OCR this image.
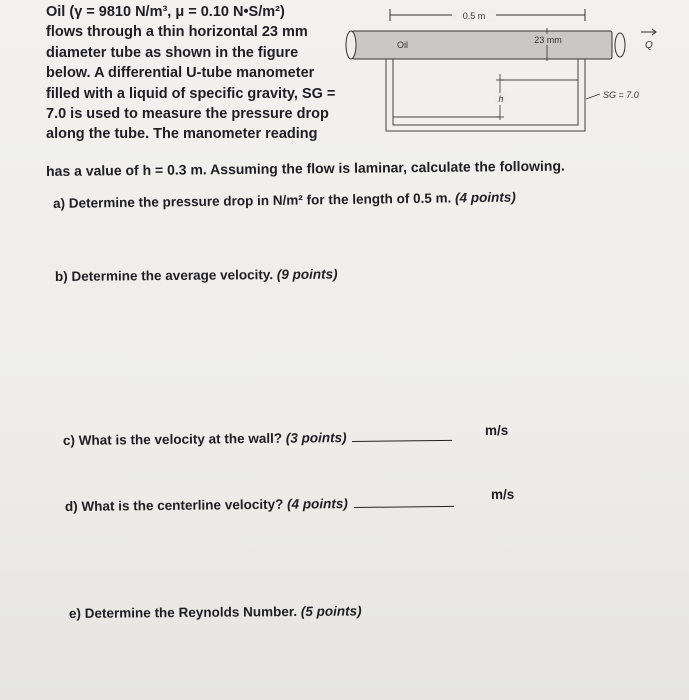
Oil (γ = 9810 N/m³, μ = 0.10 N•S/m²)
flows through a thin horizontal 23 mm
diameter tube as shown in the figure
below. A differential U-tube manometer
filled with a liquid of specific gravity, SG =
7.0 is used to measure the pressure drop
along the tube. The manometer reading
has a value of h = 0.3 m. Assuming the flow is laminar, calculate the following.
0.5 m
Oil	23 mm	Q
h	SG = 7.0
a) Determine the pressure drop in N/m² for the length of 0.5 m. (4 points)
b) Determine the average velocity. (9 points)
c) What is the velocity at the wall? (3 points)	m/s
d) What is the centerline velocity? (4 points)
m/s
e) Determine the Reynolds Number. (5 points)
